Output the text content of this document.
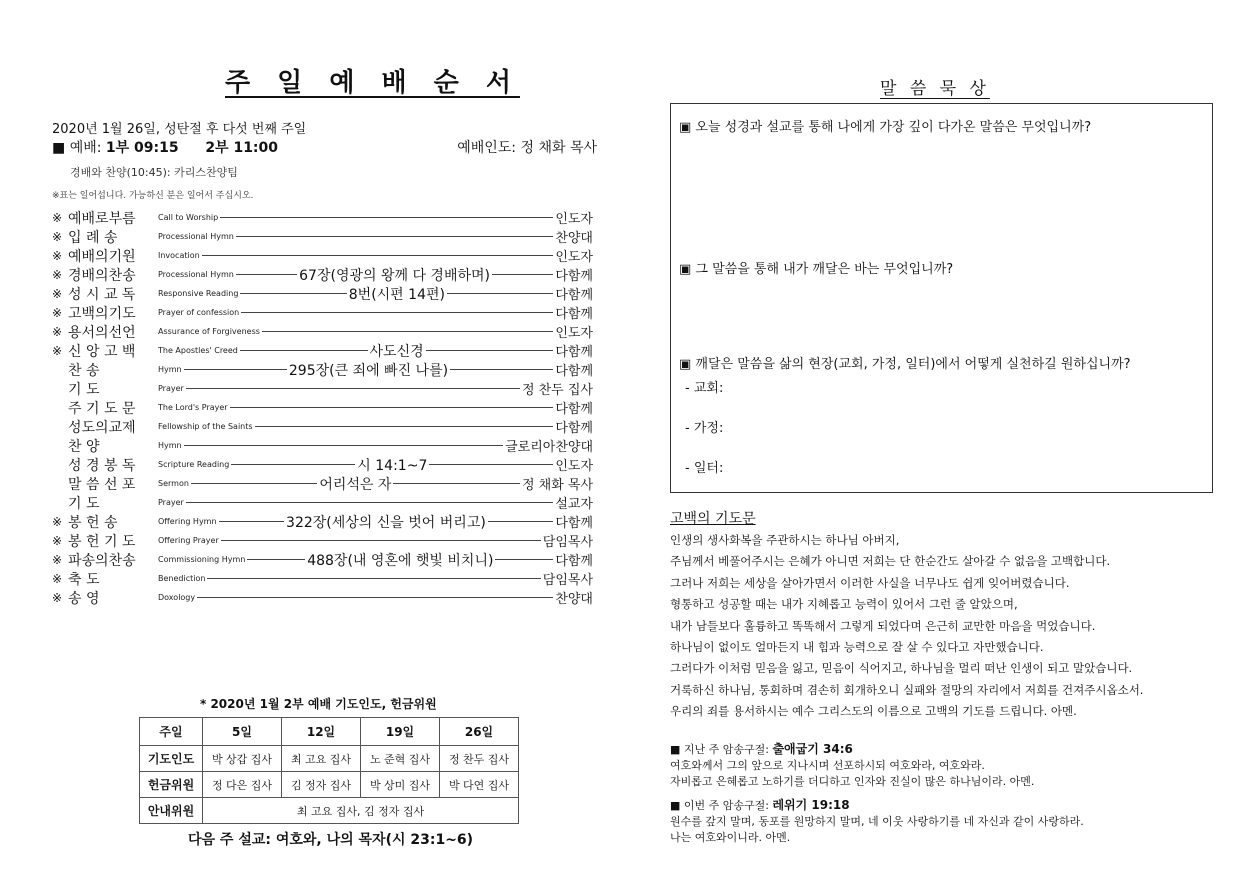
주 일 예 배 순 서
2020년 1월 26일, 성탄절 후 다섯 번째 주일
■ 예배: 1부 09:15 2부 11:00	예배인도: 정 채화 목사
경배와 찬양(10:45): 카리스찬양팀
※표는 일어섭니다. 가능하신 분은 일어서 주십시오.
※ 예배로부름	Call to Worship	인도자
※ 입 례 송	Processional Hymn	찬양대
※ 예배의기원	Invocation	인도자
※ 경배의찬송	Processional Hymn	67장(영광의 왕께 다 경배하며)	다함께
※ 성 시 교 독	Responsive Reading	8번(시편 14편)	다함께
※ 고백의기도	Prayer of confession	다함께
※ 용서의선언	Assurance of Forgiveness	인도자
※ 신 앙 고 백	The Apostles' Creed	사도신경	다함께
찬 송	Hymn	295장(큰 죄에 빠진 나를)	다함께
기 도	Prayer	정 찬두 집사
주 기 도 문	The Lord's Prayer	다함께
성도의교제	Fellowship of the Saints	다함께
찬 양	Hymn	글로리아찬양대
성 경 봉 독	Scripture Reading	시 14:1~7	인도자
말 씀 선 포	Sermon	어리석은 자	정 채화 목사
기 도	Prayer	설교자
※ 봉 헌 송	Offering Hymn	322장(세상의 신을 벗어 버리고)	다함께
※ 봉 헌 기 도	Offering Prayer	담임목사
※ 파송의찬송	Commissioning Hymn	488장(내 영혼에 햇빛 비치니)	다함께
※ 축 도	Benediction	담임목사
※ 송 영	Doxology	찬양대
* 2020년 1월 2부 예배 기도인도, 헌금위원
주일	5일	12일	19일	26일
기도인도	박 상갑 집사	최 고요 집사	노 준혁 집사	정 찬두 집사
헌금위원	정 다은 집사	김 정자 집사	박 상미 집사	박 다연 집사
안내위원	최 고요 집사, 김 정자 집사			
다음 주 설교: 여호와, 나의 목자(시 23:1~6)
말 씀 묵 상
▣ 오늘 성경과 설교를 통해 나에게 가장 깊이 다가온 말씀은 무엇입니까?
▣ 그 말씀을 통해 내가 깨달은 바는 무엇입니까?
▣ 깨달은 말씀을 삶의 현장(교회, 가정, 일터)에서 어떻게 실천하길 원하십니까?
- 교회:
- 가정:
- 일터:
고백의 기도문
인생의 생사화복을 주관하시는 하나님 아버지,
주님께서 베풀어주시는 은혜가 아니면 저희는 단 한순간도 살아갈 수 없음을 고백합니다.
그러나 저희는 세상을 살아가면서 이러한 사실을 너무나도 쉽게 잊어버렸습니다.
형통하고 성공할 때는 내가 지혜롭고 능력이 있어서 그런 줄 알았으며,
내가 남들보다 훌륭하고 똑똑해서 그렇게 되었다며 은근히 교만한 마음을 먹었습니다.
하나님이 없이도 얼마든지 내 힘과 능력으로 잘 살 수 있다고 자만했습니다.
그러다가 이처럼 믿음을 잃고, 믿음이 식어지고, 하나님을 멀리 떠난 인생이 되고 말았습니다.
거룩하신 하나님, 통회하며 겸손히 회개하오니 실패와 절망의 자리에서 저희를 건져주시옵소서.
우리의 죄를 용서하시는 예수 그리스도의 이름으로 고백의 기도를 드립니다. 아멘.
■ 지난 주 암송구절: 출애굽기 34:6
여호와께서 그의 앞으로 지나시며 선포하시되 여호와라, 여호와라.
자비롭고 은혜롭고 노하기를 더디하고 인자와 진실이 많은 하나님이라. 아멘.
■ 이번 주 암송구절: 레위기 19:18
원수를 갚지 말며, 동포를 원망하지 말며, 네 이웃 사랑하기를 네 자신과 같이 사랑하라.
나는 여호와이니라. 아멘.
